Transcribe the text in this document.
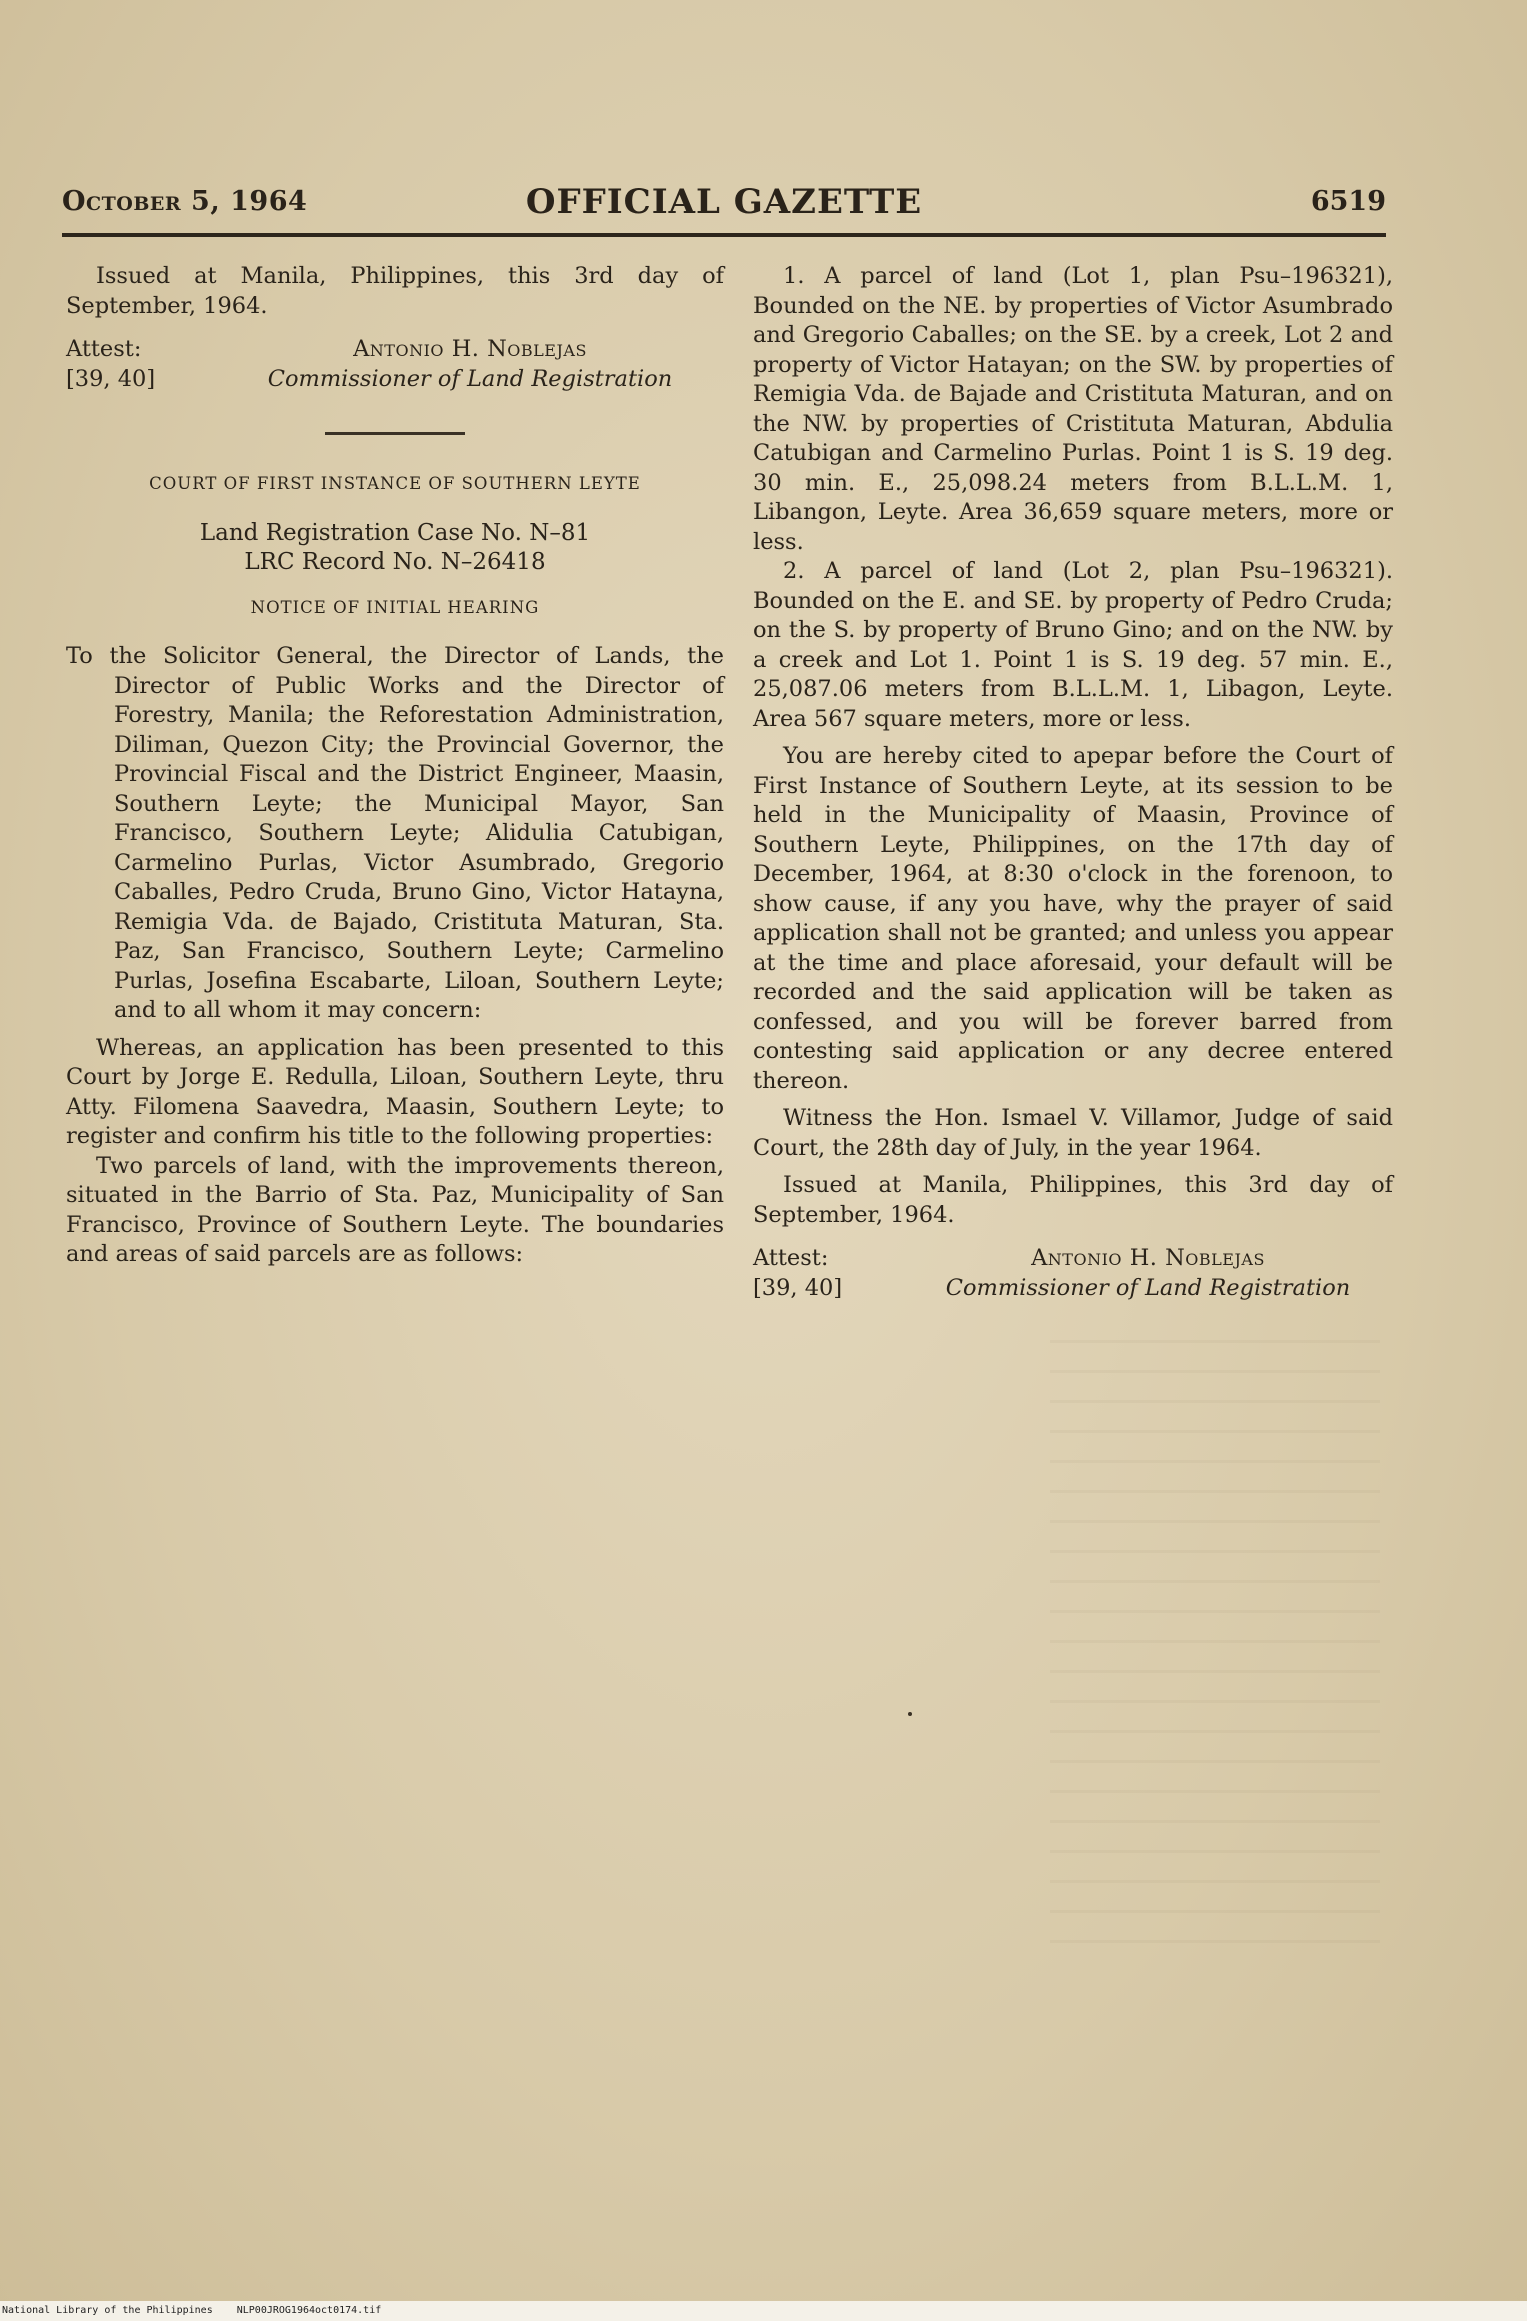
October 5, 1964	OFFICIAL GAZETTE	6519

Issued at Manila, Philippines, this 3rd day of September, 1964.

Attest:	Antonio H. Noblejas
[39, 40]	Commissioner of Land Registration
COURT OF FIRST INSTANCE OF SOUTHERN LEYTE
Land Registration Case No. N–81
LRC Record No. N–26418
NOTICE OF INITIAL HEARING

To the Solicitor General, the Director of Lands, the Director of Public Works and the Director of Forestry, Manila; the Reforestation Administration, Diliman, Quezon City; the Provincial Governor, the Provincial Fiscal and the District Engineer, Maasin, Southern Leyte; the Municipal Mayor, San Francisco, Southern Leyte; Alidulia Catubigan, Carmelino Purlas, Victor Asumbrado, Gregorio Caballes, Pedro Cruda, Bruno Gino, Victor Hatayna, Remigia Vda. de Bajado, Cristituta Maturan, Sta. Paz, San Francisco, Southern Leyte; Carmelino Purlas, Josefina Escabarte, Liloan, Southern Leyte; and to all whom it may concern:

Whereas, an application has been presented to this Court by Jorge E. Redulla, Liloan, Southern Leyte, thru Atty. Filomena Saavedra, Maasin, Southern Leyte; to register and confirm his title to the following properties:

Two parcels of land, with the improvements thereon, situated in the Barrio of Sta. Paz, Municipality of San Francisco, Province of Southern Leyte. The boundaries and areas of said parcels are as follows:

1. A parcel of land (Lot 1, plan Psu–196321), Bounded on the NE. by properties of Victor Asumbrado and Gregorio Caballes; on the SE. by a creek, Lot 2 and property of Victor Hatayan; on the SW. by properties of Remigia Vda. de Bajade and Cristituta Maturan, and on the NW. by properties of Cristituta Maturan, Abdulia Catubigan and Carmelino Purlas. Point 1 is S. 19 deg. 30 min. E., 25,098.24 meters from B.L.L.M. 1, Libangon, Leyte. Area 36,659 square meters, more or less.

2. A parcel of land (Lot 2, plan Psu–196321). Bounded on the E. and SE. by property of Pedro Cruda; on the S. by property of Bruno Gino; and on the NW. by a creek and Lot 1. Point 1 is S. 19 deg. 57 min. E., 25,087.06 meters from B.L.L.M. 1, Libagon, Leyte. Area 567 square meters, more or less.

You are hereby cited to apepar before the Court of First Instance of Southern Leyte, at its session to be held in the Municipality of Maasin, Province of Southern Leyte, Philippines, on the 17th day of December, 1964, at 8:30 o'clock in the forenoon, to show cause, if any you have, why the prayer of said application shall not be granted; and unless you appear at the time and place aforesaid, your default will be recorded and the said application will be taken as confessed, and you will be forever barred from contesting said application or any decree entered thereon.

Witness the Hon. Ismael V. Villamor, Judge of said Court, the 28th day of July, in the year 1964.

Issued at Manila, Philippines, this 3rd day of September, 1964.

Attest:	Antonio H. Noblejas
[39, 40]	Commissioner of Land Registration
National Library of the Philippines NLP00JROG1964oct0174.tif
